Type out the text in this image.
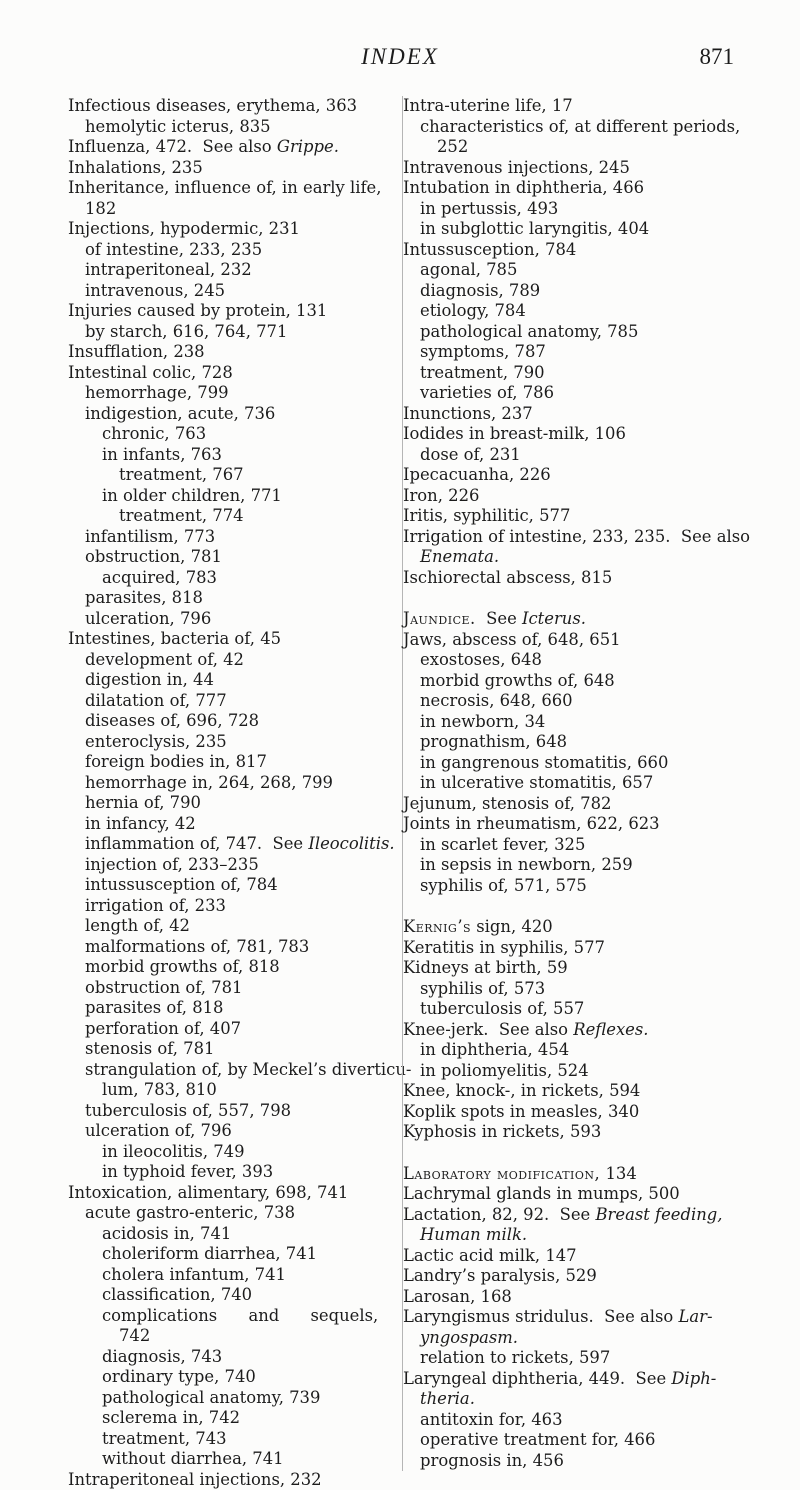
INDEX	871
Infectious diseases, erythema, 363
hemolytic icterus, 835
Influenza, 472.  See also Grippe.
Inhalations, 235
Inheritance, influence of, in early life,
182
Injections, hypodermic, 231
of intestine, 233, 235
intraperitoneal, 232
intravenous, 245
Injuries caused by protein, 131
by starch, 616, 764, 771
Insufflation, 238
Intestinal colic, 728
hemorrhage, 799
indigestion, acute, 736
chronic, 763
in infants, 763
treatment, 767
in older children, 771
treatment, 774
infantilism, 773
obstruction, 781
acquired, 783
parasites, 818
ulceration, 796
Intestines, bacteria of, 45
development of, 42
digestion in, 44
dilatation of, 777
diseases of, 696, 728
enteroclysis, 235
foreign bodies in, 817
hemorrhage in, 264, 268, 799
hernia of, 790
in infancy, 42
inflammation of, 747.  See Ileocolitis.
injection of, 233–235
intussusception of, 784
irrigation of, 233
length of, 42
malformations of, 781, 783
morbid growths of, 818
obstruction of, 781
parasites of, 818
perforation of, 407
stenosis of, 781
strangulation of, by Meckel’s diverticu-
lum, 783, 810
tuberculosis of, 557, 798
ulceration of, 796
in ileocolitis, 749
in typhoid fever, 393
Intoxication, alimentary, 698, 741
acute gastro-enteric, 738
acidosis in, 741
choleriform diarrhea, 741
cholera infantum, 741
classification, 740
complications      and      sequels,
742
diagnosis, 743
ordinary type, 740
pathological anatomy, 739
sclerema in, 742
treatment, 743
without diarrhea, 741
Intraperitoneal injections, 232
Intra-uterine life, 17
characteristics of, at different periods,
252
Intravenous injections, 245
Intubation in diphtheria, 466
in pertussis, 493
in subglottic laryngitis, 404
Intussusception, 784
agonal, 785
diagnosis, 789
etiology, 784
pathological anatomy, 785
symptoms, 787
treatment, 790
varieties of, 786
Inunctions, 237
Iodides in breast-milk, 106
dose of, 231
Ipecacuanha, 226
Iron, 226
Iritis, syphilitic, 577
Irrigation of intestine, 233, 235.  See also
Enemata.
Ischiorectal abscess, 815
Jaundice.  See Icterus.
Jaws, abscess of, 648, 651
exostoses, 648
morbid growths of, 648
necrosis, 648, 660
in newborn, 34
prognathism, 648
in gangrenous stomatitis, 660
in ulcerative stomatitis, 657
Jejunum, stenosis of, 782
Joints in rheumatism, 622, 623
in scarlet fever, 325
in sepsis in newborn, 259
syphilis of, 571, 575
Kernig’s sign, 420
Keratitis in syphilis, 577
Kidneys at birth, 59
syphilis of, 573
tuberculosis of, 557
Knee-jerk.  See also Reflexes.
in diphtheria, 454
in poliomyelitis, 524
Knee, knock-, in rickets, 594
Koplik spots in measles, 340
Kyphosis in rickets, 593
Laboratory modification, 134
Lachrymal glands in mumps, 500
Lactation, 82, 92.  See Breast feeding,
Human milk.
Lactic acid milk, 147
Landry’s paralysis, 529
Larosan, 168
Laryngismus stridulus.  See also Lar-
yngospasm.
relation to rickets, 597
Laryngeal diphtheria, 449.  See Diph-
theria.
antitoxin for, 463
operative treatment for, 466
prognosis in, 456
